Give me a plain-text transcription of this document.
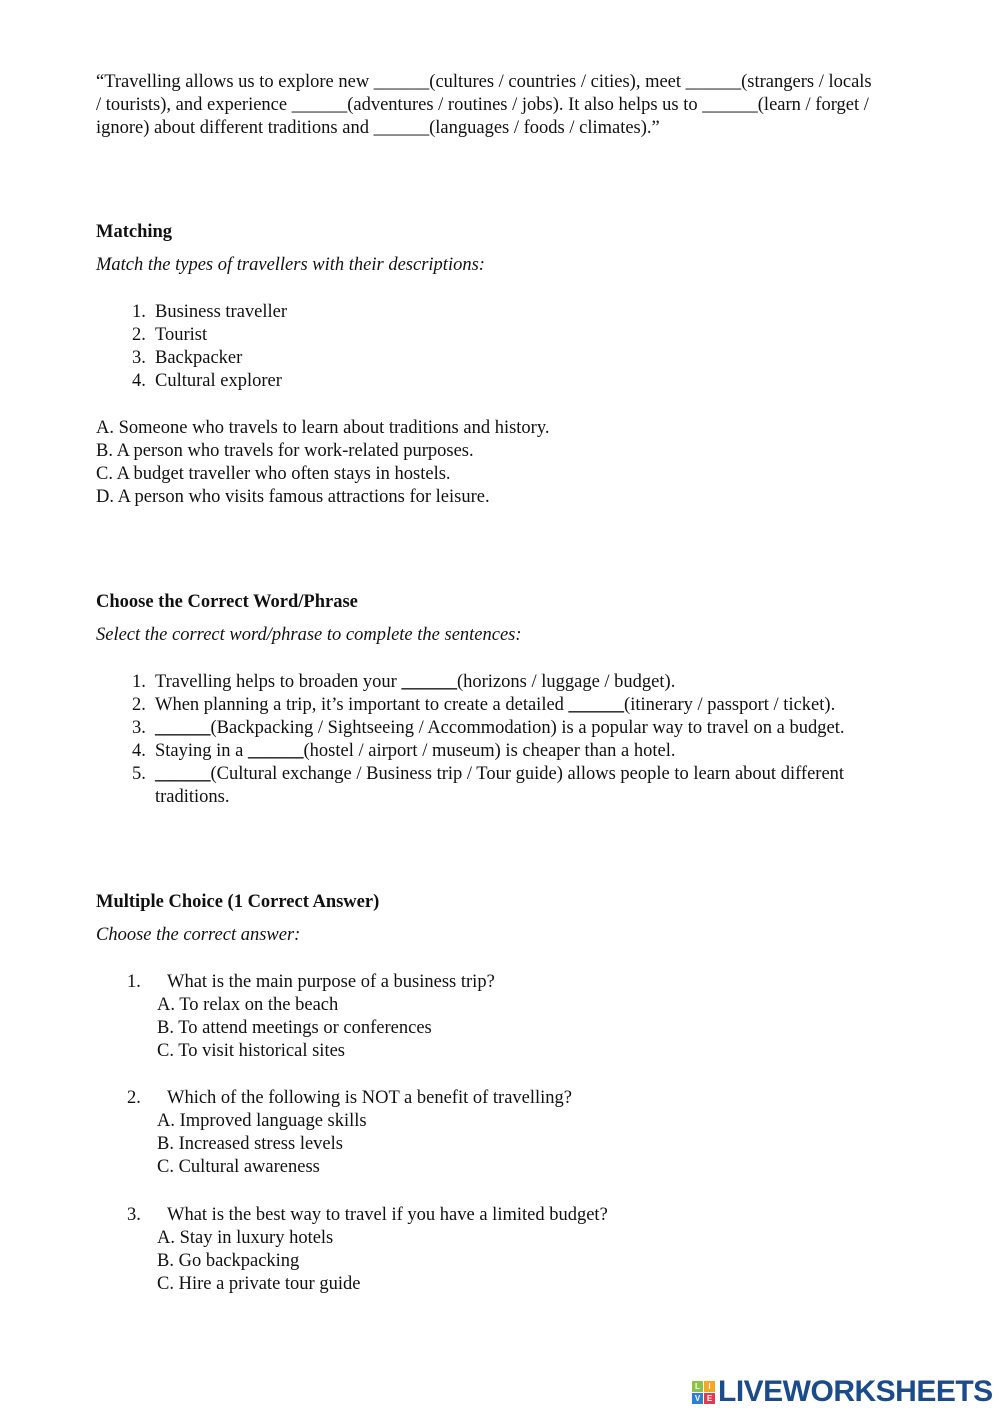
“Travelling allows us to explore new ______(cultures / countries / cities), meet ______(strangers / locals
/ tourists), and experience ______(adventures / routines / jobs). It also helps us to ______(learn / forget /
ignore) about different traditions and ______(languages / foods / climates).”
Matching
Match the types of travellers with their descriptions:
1. Business traveller
2. Tourist
3. Backpacker
4. Cultural explorer
A. Someone who travels to learn about traditions and history.
B. A person who travels for work-related purposes.
C. A budget traveller who often stays in hostels.
D. A person who visits famous attractions for leisure.
Choose the Correct Word/Phrase
Select the correct word/phrase to complete the sentences:
1. Travelling helps to broaden your ______(horizons / luggage / budget).
2. When planning a trip, it’s important to create a detailed ______(itinerary / passport / ticket).
3. ______(Backpacking / Sightseeing / Accommodation) is a popular way to travel on a budget.
4. Staying in a ______(hostel / airport / museum) is cheaper than a hotel.
5. ______(Cultural exchange / Business trip / Tour guide) allows people to learn about different
traditions.
Multiple Choice (1 Correct Answer)
Choose the correct answer:
1. What is the main purpose of a business trip?
A. To relax on the beach
B. To attend meetings or conferences
C. To visit historical sites
2. Which of the following is NOT a benefit of travelling?
A. Improved language skills
B. Increased stress levels
C. Cultural awareness
3. What is the best way to travel if you have a limited budget?
A. Stay in luxury hotels
B. Go backpacking
C. Hire a private tour guide
L	I
V E LIVEWORKSHEETS
